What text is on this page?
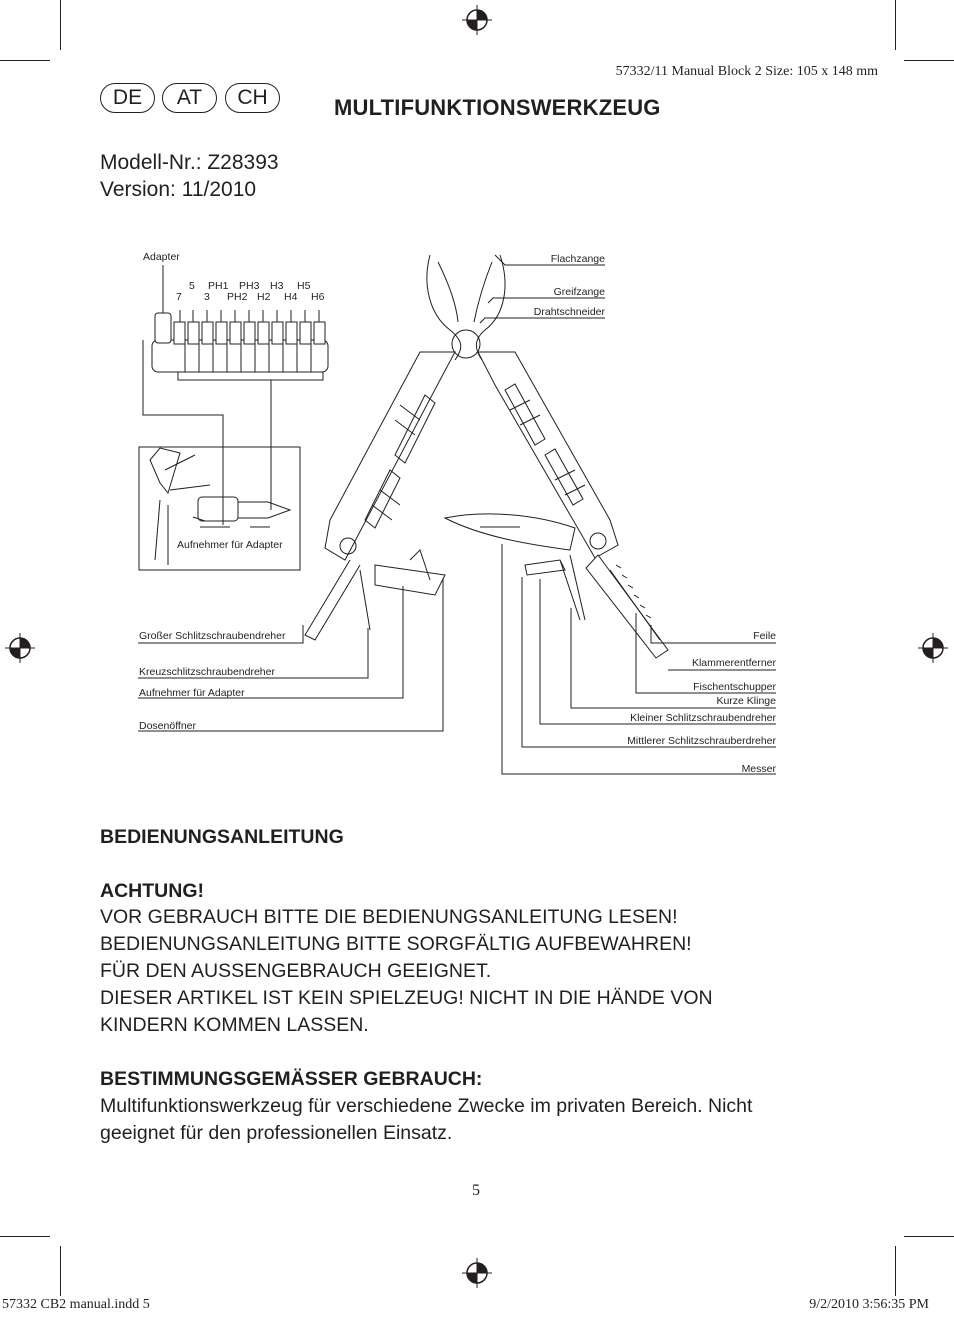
57332/11 Manual Block 2 Size: 105 x 148 mm
DE	AT	CH	MULTIFUNKTIONSWERKZEUG
Modell-Nr.: Z28393
Version: 11/2010
Adapter
5 PH1 PH3 H3 H5
7 3 PH2 H2 H4 H6
Aufnehmer für Adapter
Flachzange
Greifzange
Drahtschneider
Großer Schlitzschraubendreher
Kreuzschlitzschraubendreher
Aufnehmer für Adapter
Dosenöffner
Feile
Klammerentferner
Fischentschupper
Kurze Klinge
Kleiner Schlitzschraubendreher
Mittlerer Schlitzschrauberdreher
Messer
BEDIENUNGSANLEITUNG
ACHTUNG!
VOR GEBRAUCH BITTE DIE BEDIENUNGSANLEITUNG LESEN!
BEDIENUNGSANLEITUNG BITTE SORGFÄLTIG AUFBEWAHREN!
FÜR DEN AUSSENGEBRAUCH GEEIGNET.
DIESER ARTIKEL IST KEIN SPIELZEUG! NICHT IN DIE HÄNDE VON
KINDERN KOMMEN LASSEN.
BESTIMMUNGSGEMÄSSER GEBRAUCH:
Multifunktionswerkzeug für verschiedene Zwecke im privaten Bereich. Nicht
geeignet für den professionellen Einsatz.
5
57332 CB2 manual.indd 5	9/2/2010 3:56:35 PM
